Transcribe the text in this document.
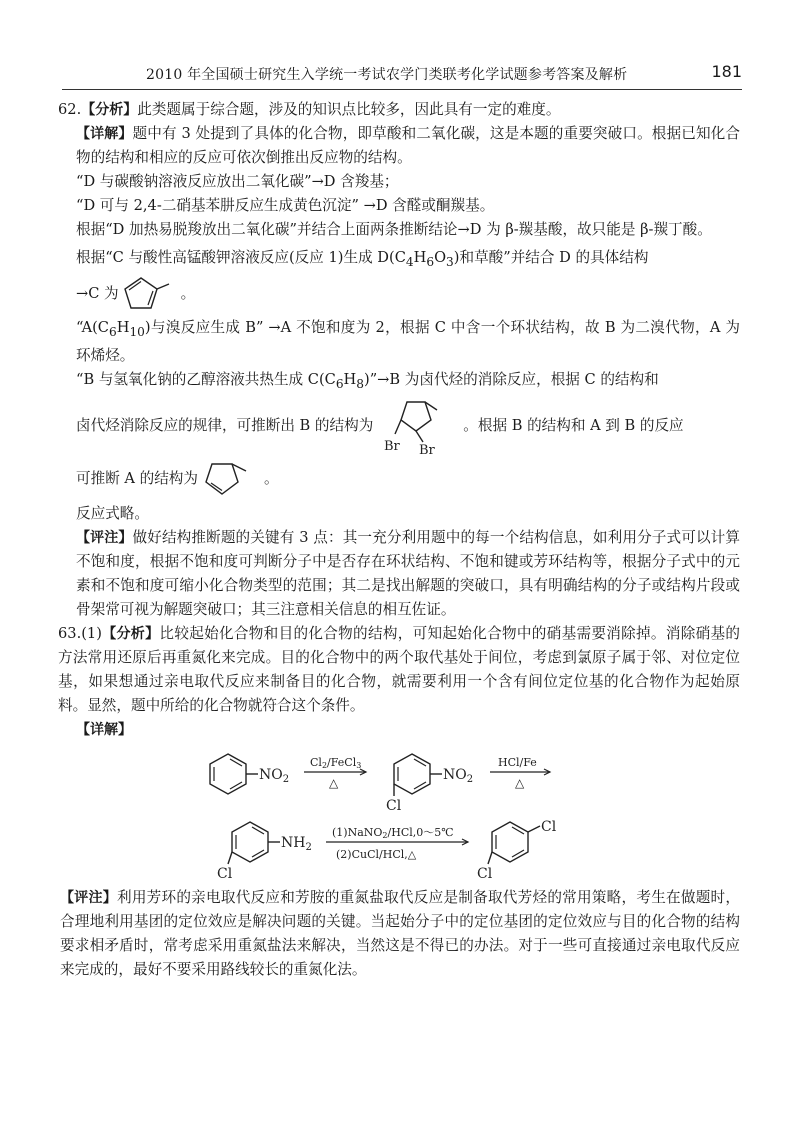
2010 年全国硕士研究生入学统一考试农学门类联考化学试题参考答案及解析	181

62.【分析】此类题属于综合题，涉及的知识点比较多，因此具有一定的难度。

【详解】题中有 3 处提到了具体的化合物，即草酸和二氧化碳，这是本题的重要突破口。根据已知化合物的结构和相应的反应可依次倒推出反应物的结构。

“D 与碳酸钠溶液反应放出二氧化碳”→D 含羧基；

“D 可与 2,4-二硝基苯肼反应生成黄色沉淀” →D 含醛或酮羰基。

根据“D 加热易脱羧放出二氧化碳”并结合上面两条推断结论→D 为 β-羰基酸，故只能是 β-羰丁酸。

根据“C 与酸性高锰酸钾溶液反应(反应 1)生成 $D(C_4H_6O_3)$和草酸”并结合 D 的具体结构

→C 为	。

“$A(C_6H_{10})$与溴反应生成 B” →A 不饱和度为 2，根据 C 中含一个环状结构，故 B 为二溴代物，A 为环烯烃。

“B 与氢氧化钠的乙醇溶液共热生成 $C(C_6H_8)”\to B$ 为卤代烃的消除反应，根据 C 的结构和

卤代烃消除反应的规律，可推断出 B 的结构为
Br Br
。根据 B 的结构和 A 到 B 的反应
可推断 A 的结构为	。

反应式略。

【评注】做好结构推断题的关键有 3 点：其一充分利用题中的每一个结构信息，如利用分子式可以计算不饱和度，根据不饱和度可判断分子中是否存在环状结构、不饱和键或芳环结构等，根据分子式中的元素和不饱和度可缩小化合物类型的范围；其二是找出解题的突破口，具有明确结构的分子或结构片段或骨架常可视为解题突破口；其三注意相关信息的相互佐证。

63.(1)【分析】比较起始化合物和目的化合物的结构，可知起始化合物中的硝基需要消除掉。消除硝基的方法常用还原后再重氮化来完成。目的化合物中的两个取代基处于间位，考虑到氯原子属于邻、对位定位基，如果想通过亲电取代反应来制备目的化合物，就需要利用一个含有间位定位基的化合物作为起始原料。显然，题中所给的化合物就符合这个条件。

【详解】

$NO_2$
Cl2/FeCl3
△	$NO_2$
Cl
HCl/Fe
△
$NH_2$
Cl
(1)NaNO2/HCl,0～5℃
(2)CuCl/HCl,△
Cl
Cl

【评注】利用芳环的亲电取代反应和芳胺的重氮盐取代反应是制备取代芳烃的常用策略，考生在做题时，合理地利用基团的定位效应是解决问题的关键。当起始分子中的定位基团的定位效应与目的化合物的结构要求相矛盾时，常考虑采用重氮盐法来解决，当然这是不得已的办法。对于一些可直接通过亲电取代反应来完成的，最好不要采用路线较长的重氮化法。
